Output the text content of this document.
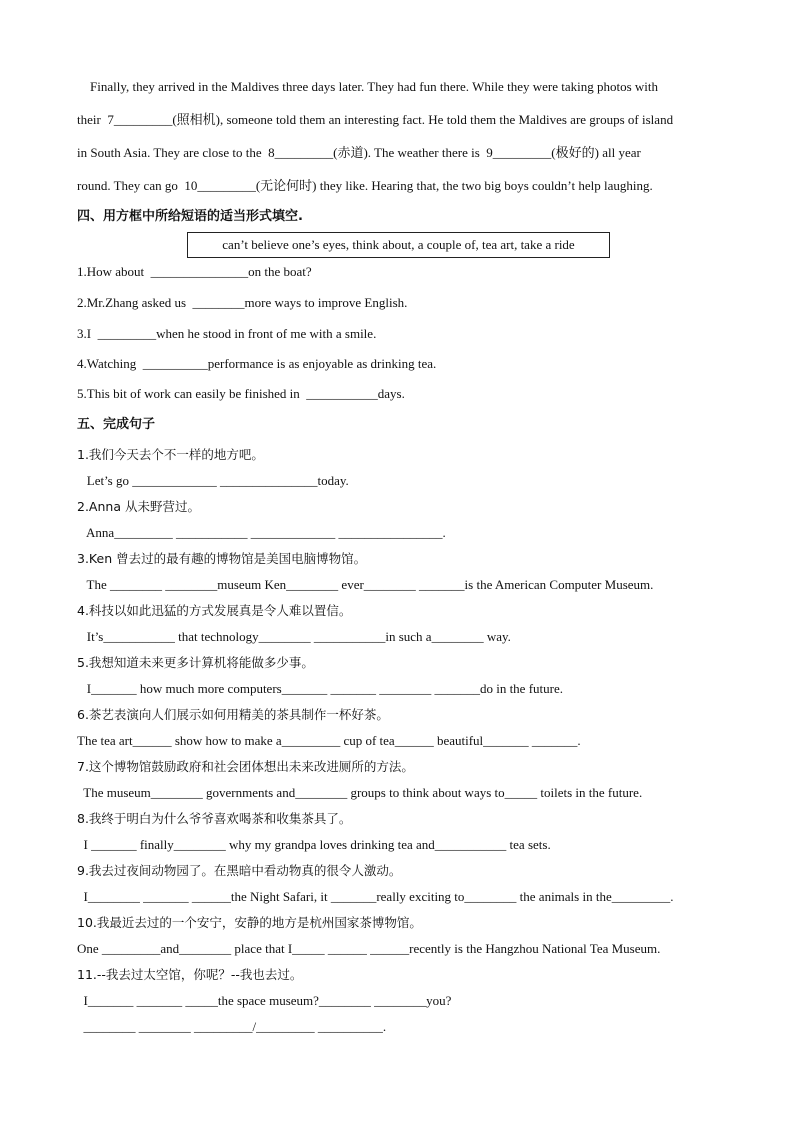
Finally, they arrived in the Maldives three days later. They had fun there. While they were taking photos with
their  7_________(照相机), someone told them an interesting fact. He told them the Maldives are groups of island
in South Asia. They are close to the  8_________(赤道). The weather there is  9_________(极好的) all year
round. They can go  10_________(无论何时) they like. Hearing that, the two big boys couldn’t help laughing.
四、用方框中所给短语的适当形式填空.
can’t believe one’s eyes, think about, a couple of, tea art, take a ride
1.How about  _______________on the boat?
2.Mr.Zhang asked us  ________more ways to improve English.
3.I  _________when he stood in front of me with a smile.
4.Watching  __________performance is as enjoyable as drinking tea.
5.This bit of work can easily be finished in  ___________days.
五、完成句子
1.我们今天去个不一样的地方吧。
Let’s go _____________ _______________today.
2.Anna 从未野营过。
Anna_________ ___________ _____________ ________________.
3.Ken 曾去过的最有趣的博物馆是美国电脑博物馆。
The ________ ________museum Ken________ ever________ _______is the American Computer Museum.
4.科技以如此迅猛的方式发展真是令人难以置信。
It’s___________ that technology________ ___________in such a________ way.
5.我想知道未来更多计算机将能做多少事。
I_______ how much more computers_______ _______ ________ _______do in the future.
6.茶艺表演向人们展示如何用精美的茶具制作一杯好茶。
The tea art______ show how to make a_________ cup of tea______ beautiful_______ _______.
7.这个博物馆鼓励政府和社会团体想出未来改进厕所的方法。
The museum________ governments and________ groups to think about ways to_____ toilets in the future.
8.我终于明白为什么爷爷喜欢喝茶和收集茶具了。
I _______ finally________ why my grandpa loves drinking tea and___________ tea sets.
9.我去过夜间动物园了。在黑暗中看动物真的很令人激动。
I________ _______ ______the Night Safari, it _______really exciting to________ the animals in the_________.
10.我最近去过的一个安宁，安静的地方是杭州国家茶博物馆。
One _________and________ place that I_____ ______ ______recently is the Hangzhou National Tea Museum.
11.--我去过太空馆，你呢？--我也去过。
I_______ _______ _____the space museum?________ ________you?
________ ________ _________/_________ __________.
